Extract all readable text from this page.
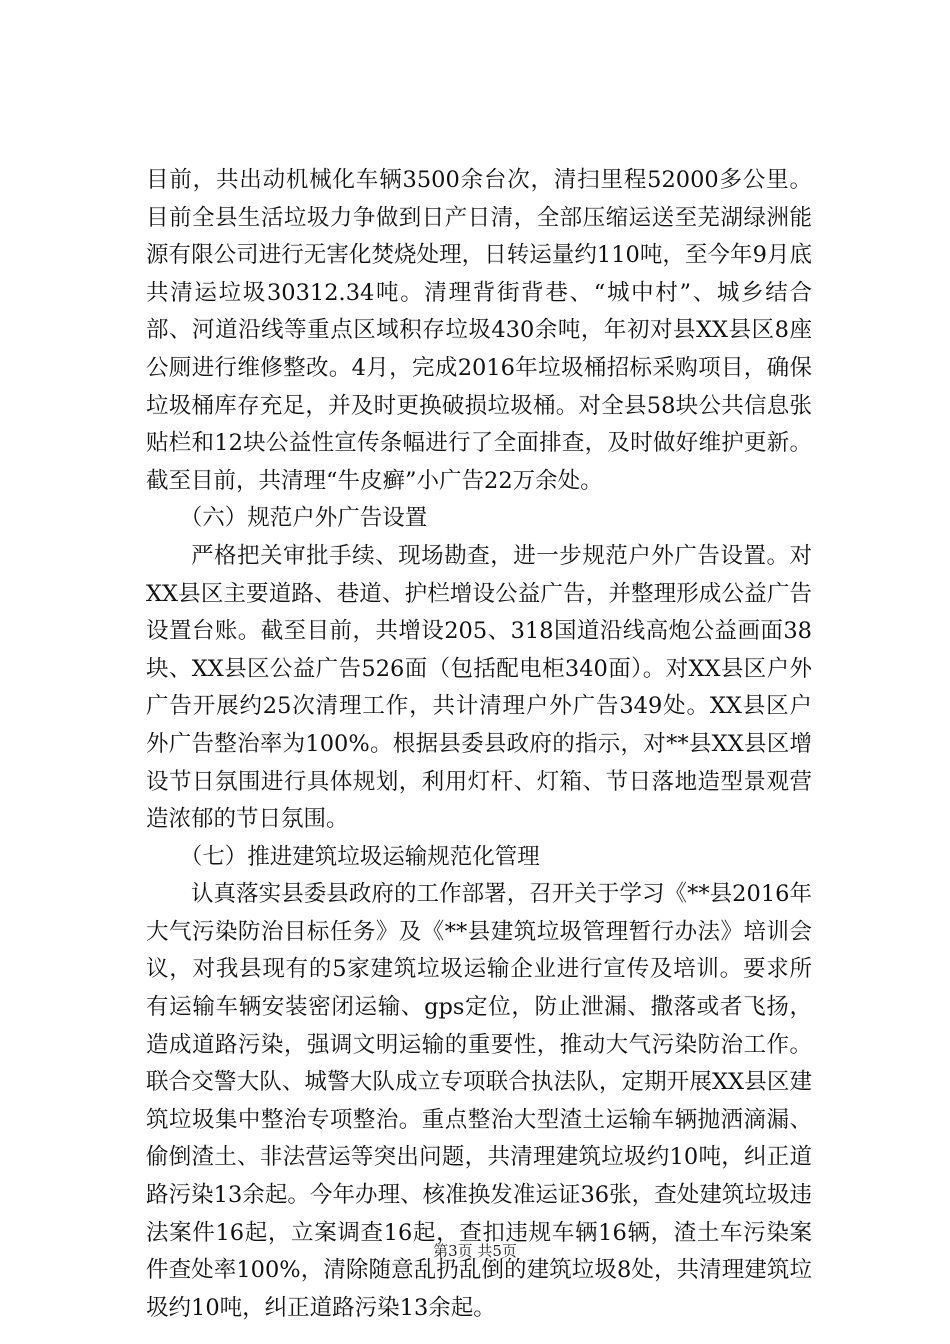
目前，共出动机械化车辆3500余台次，清扫里程52000多公里。目前全县生活垃圾力争做到日产日清，全部压缩运送至芜湖绿洲能源有限公司进行无害化焚烧处理，日转运量约110吨，至今年9月底共清运垃圾30312.34吨。清理背街背巷、“城中村”、城乡结合部、河道沿线等重点区域积存垃圾430余吨，年初对县XX县区8座公厕进行维修整改。4月，完成2016年垃圾桶招标采购项目，确保垃圾桶库存充足，并及时更换破损垃圾桶。对全县58块公共信息张贴栏和12块公益性宣传条幅进行了全面排查，及时做好维护更新。截至目前，共清理“牛皮癣”小广告22万余处。

（六）规范户外广告设置

严格把关审批手续、现场勘查，进一步规范户外广告设置。对XX县区主要道路、巷道、护栏增设公益广告，并整理形成公益广告设置台账。截至目前，共增设205、318国道沿线高炮公益画面38块、XX县区公益广告526面（包括配电柜340面）。对XX县区户外广告开展约25次清理工作，共计清理户外广告349处。XX县区户外广告整治率为100%。根据县委县政府的指示，对**县XX县区增设节日氛围进行具体规划，利用灯杆、灯箱、节日落地造型景观营造浓郁的节日氛围。

（七）推进建筑垃圾运输规范化管理

认真落实县委县政府的工作部署，召开关于学习《**县2016年大气污染防治目标任务》及《**县建筑垃圾管理暂行办法》培训会议，对我县现有的5家建筑垃圾运输企业进行宣传及培训。要求所有运输车辆安装密闭运输、gps定位，防止泄漏、撒落或者飞扬，造成道路污染，强调文明运输的重要性，推动大气污染防治工作。联合交警大队、城警大队成立专项联合执法队，定期开展XX县区建筑垃圾集中整治专项整治。重点整治大型渣土运输车辆抛洒滴漏、偷倒渣土、非法营运等突出问题，共清理建筑垃圾约10吨，纠正道路污染13余起。今年办理、核准换发准运证36张，查处建筑垃圾违法案件16起，立案调查16起，查扣违规车辆16辆，渣土车污染案件查处率100%，清除随意乱扔乱倒的建筑垃圾8处，共清理建筑垃圾约10吨，纠正道路污染13余起。

第3页 共5页
